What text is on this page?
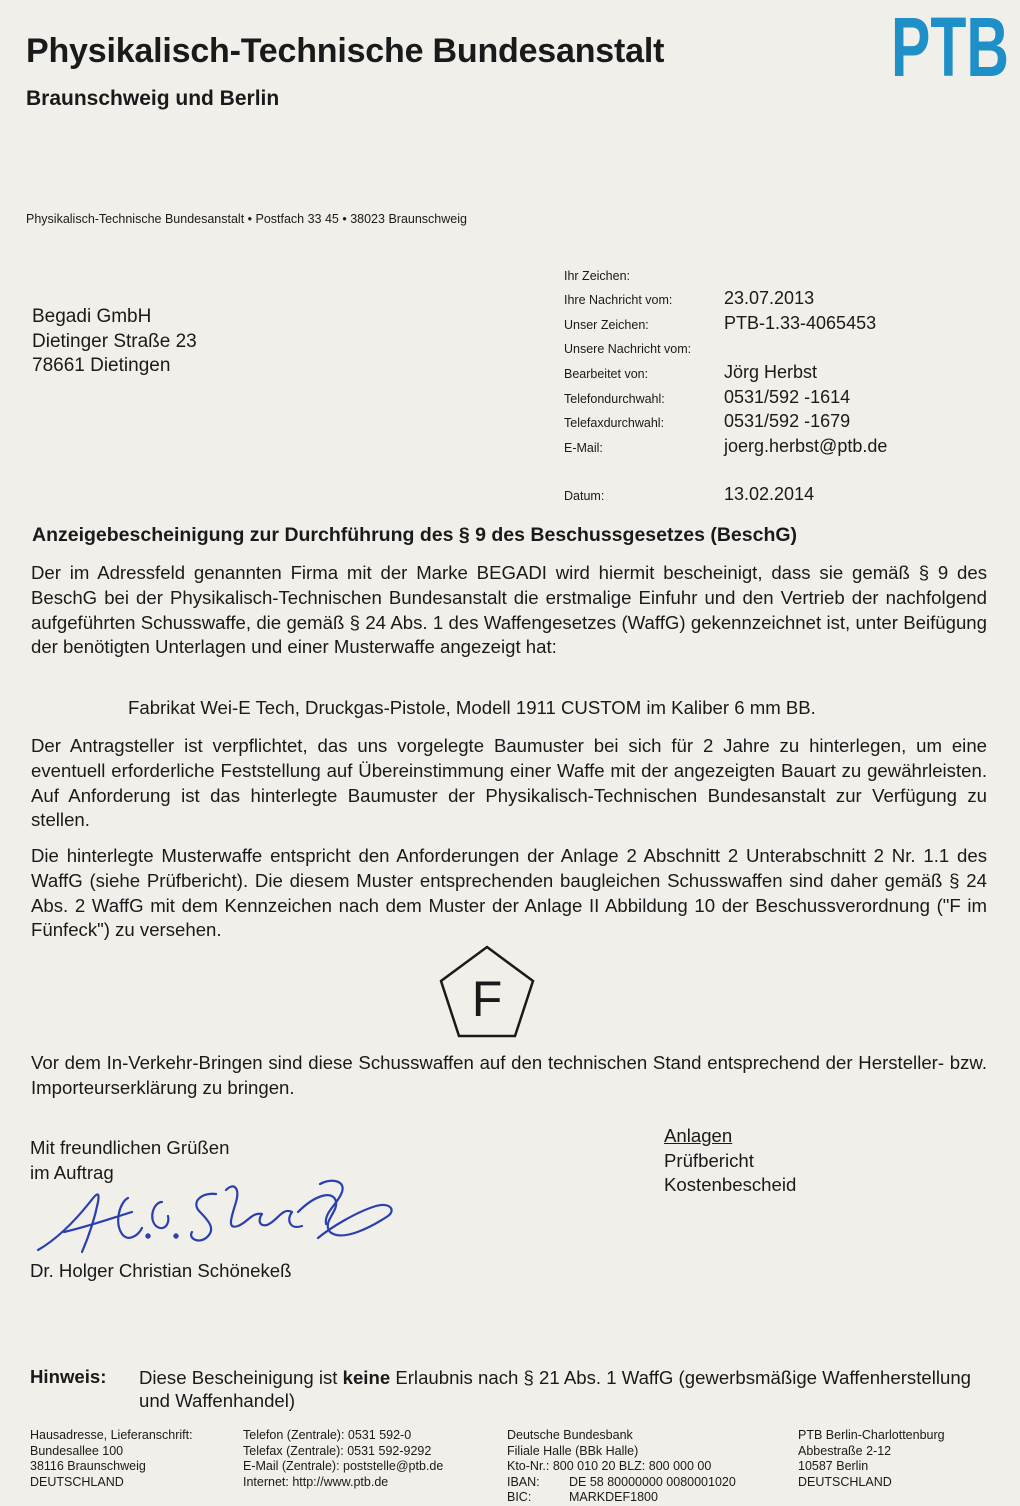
Physikalisch-Technische Bundesanstalt
Braunschweig und Berlin
PTB
Physikalisch-Technische Bundesanstalt • Postfach 33 45 • 38023 Braunschweig
Begadi GmbH
Dietinger Straße 23
78661 Dietingen
Ihr Zeichen:
Ihre Nachricht vom:	23.07.2013
Unser Zeichen:	PTB-1.33-4065453
Unsere Nachricht vom:
Bearbeitet von:	Jörg Herbst
Telefondurchwahl:	0531/592 -1614
Telefaxdurchwahl:	0531/592 -1679
E-Mail:	joerg.herbst@ptb.de
Datum:	13.02.2014
Anzeigebescheinigung zur Durchführung des § 9 des Beschussgesetzes (BeschG)
Der im Adressfeld genannten Firma mit der Marke BEGADI wird hiermit bescheinigt, dass sie gemäß § 9 des BeschG bei der Physikalisch-Technischen Bundesanstalt die erstmalige Einfuhr und den Vertrieb der nachfolgend aufgeführten Schusswaffe, die gemäß § 24 Abs. 1 des Waffengesetzes (WaffG) gekennzeichnet ist, unter Beifügung der benötigten Unterlagen und einer Musterwaffe angezeigt hat:
Fabrikat Wei-E Tech, Druckgas-Pistole, Modell 1911 CUSTOM im Kaliber 6 mm BB.
Der Antragsteller ist verpflichtet, das uns vorgelegte Baumuster bei sich für 2 Jahre zu hinterlegen, um eine eventuell erforderliche Feststellung auf Übereinstimmung einer Waffe mit der angezeigten Bauart zu gewährleisten. Auf Anforderung ist das hinterlegte Baumuster der Physikalisch-Technischen Bundesanstalt zur Verfügung zu stellen.
Die hinterlegte Musterwaffe entspricht den Anforderungen der Anlage 2 Abschnitt 2 Unterabschnitt 2 Nr. 1.1 des WaffG (siehe Prüfbericht). Die diesem Muster entsprechenden baugleichen Schusswaffen sind daher gemäß § 24 Abs. 2 WaffG mit dem Kennzeichen nach dem Muster der Anlage II Abbildung 10 der Beschussverordnung ("F im Fünfeck") zu versehen.
F
Vor dem In-Verkehr-Bringen sind diese Schusswaffen auf den technischen Stand entsprechend der Hersteller- bzw. Importeurserklärung zu bringen.
Mit freundlichen Grüßen
im Auftrag
Anlagen
Prüfbericht
Kostenbescheid
Dr. Holger Christian Schönekeß
Hinweis: Diese Bescheinigung ist keine Erlaubnis nach § 21 Abs. 1 WaffG (gewerbsmäßige Waffenherstellung und Waffenhandel)
Hausadresse, Lieferanschrift:
Bundesallee 100
38116 Braunschweig
DEUTSCHLAND
Telefon (Zentrale): 0531 592-0
Telefax (Zentrale): 0531 592-9292
E-Mail (Zentrale): poststelle@ptb.de
Internet: http://www.ptb.de
Deutsche Bundesbank
Filiale Halle (BBk Halle)
Kto-Nr.: 800 010 20 BLZ: 800 000 00
IBAN:	DE 58 80000000 0080001020
BIC:	MARKDEF1800
PTB Berlin-Charlottenburg
Abbestraße 2-12
10587 Berlin
DEUTSCHLAND
